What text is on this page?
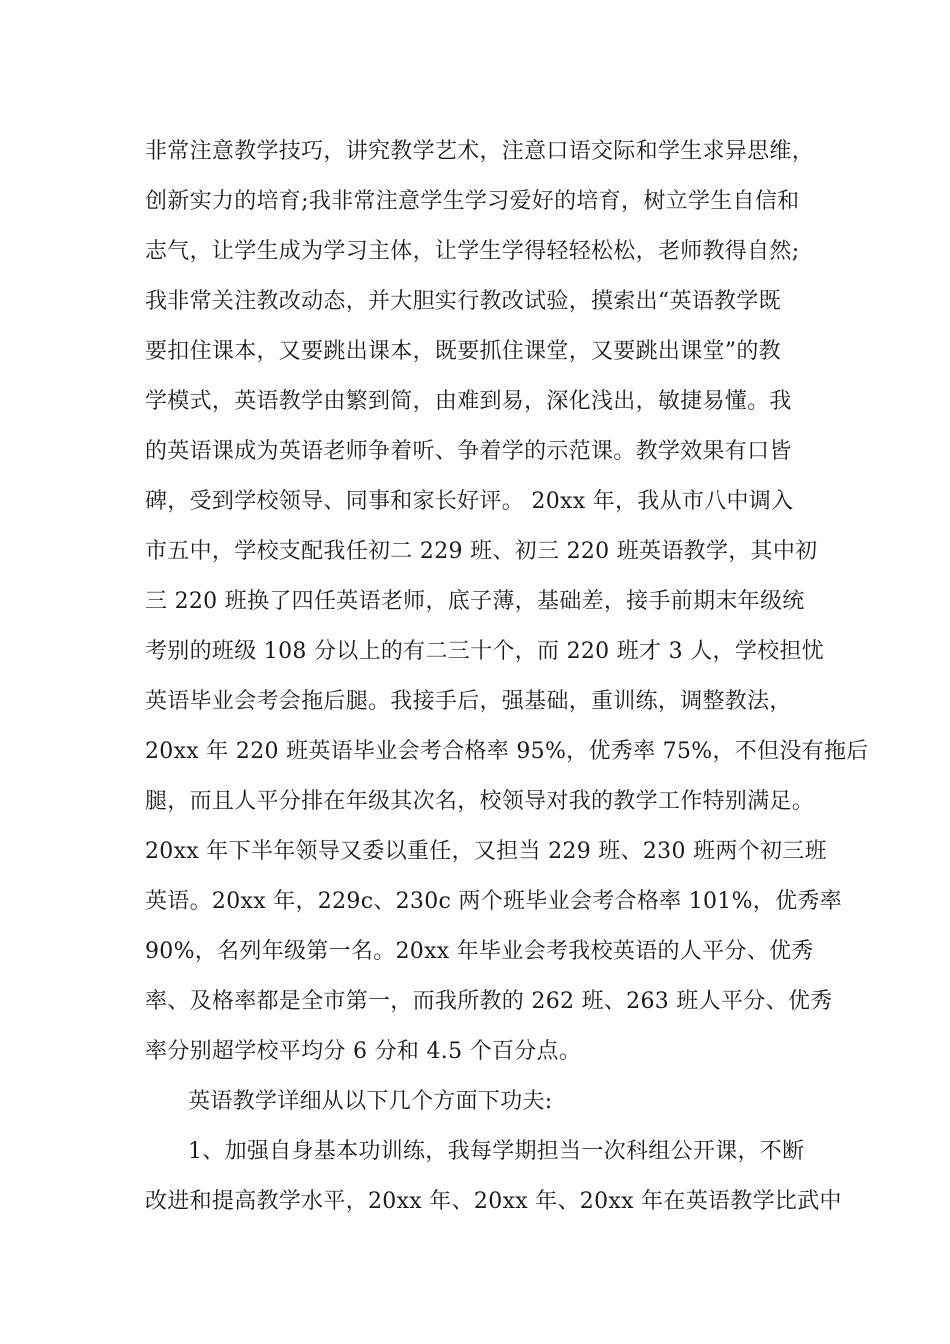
非常注意教学技巧，讲究教学艺术，注意口语交际和学生求异思维，
创新实力的培育;我非常注意学生学习爱好的培育，树立学生自信和
志气，让学生成为学习主体，让学生学得轻轻松松，老师教得自然;
我非常关注教改动态，并大胆实行教改试验，摸索出“英语教学既
要扣住课本，又要跳出课本，既要抓住课堂，又要跳出课堂”的教
学模式，英语教学由繁到简，由难到易，深化浅出，敏捷易懂。我
的英语课成为英语老师争着听、争着学的示范课。教学效果有口皆
碑，受到学校领导、同事和家长好评。 20xx 年，我从市八中调入
市五中，学校支配我任初二 229 班、初三 220 班英语教学，其中初
三 220 班换了四任英语老师，底子薄，基础差，接手前期末年级统
考别的班级 108 分以上的有二三十个，而 220 班才 3 人，学校担忧
英语毕业会考会拖后腿。我接手后，强基础，重训练，调整教法，
20xx 年 220 班英语毕业会考合格率 95%，优秀率 75%，不但没有拖后
腿，而且人平分排在年级其次名，校领导对我的教学工作特别满足。
20xx 年下半年领导又委以重任，又担当 229 班、230 班两个初三班
英语。20xx 年，229c、230c 两个班毕业会考合格率 101%，优秀率
90%，名列年级第一名。20xx 年毕业会考我校英语的人平分、优秀
率、及格率都是全市第一，而我所教的 262 班、263 班人平分、优秀
率分别超学校平均分 6 分和 4.5 个百分点。
英语教学详细从以下几个方面下功夫:
1、加强自身基本功训练，我每学期担当一次科组公开课，不断
改进和提高教学水平，20xx 年、20xx 年、20xx 年在英语教学比武中
